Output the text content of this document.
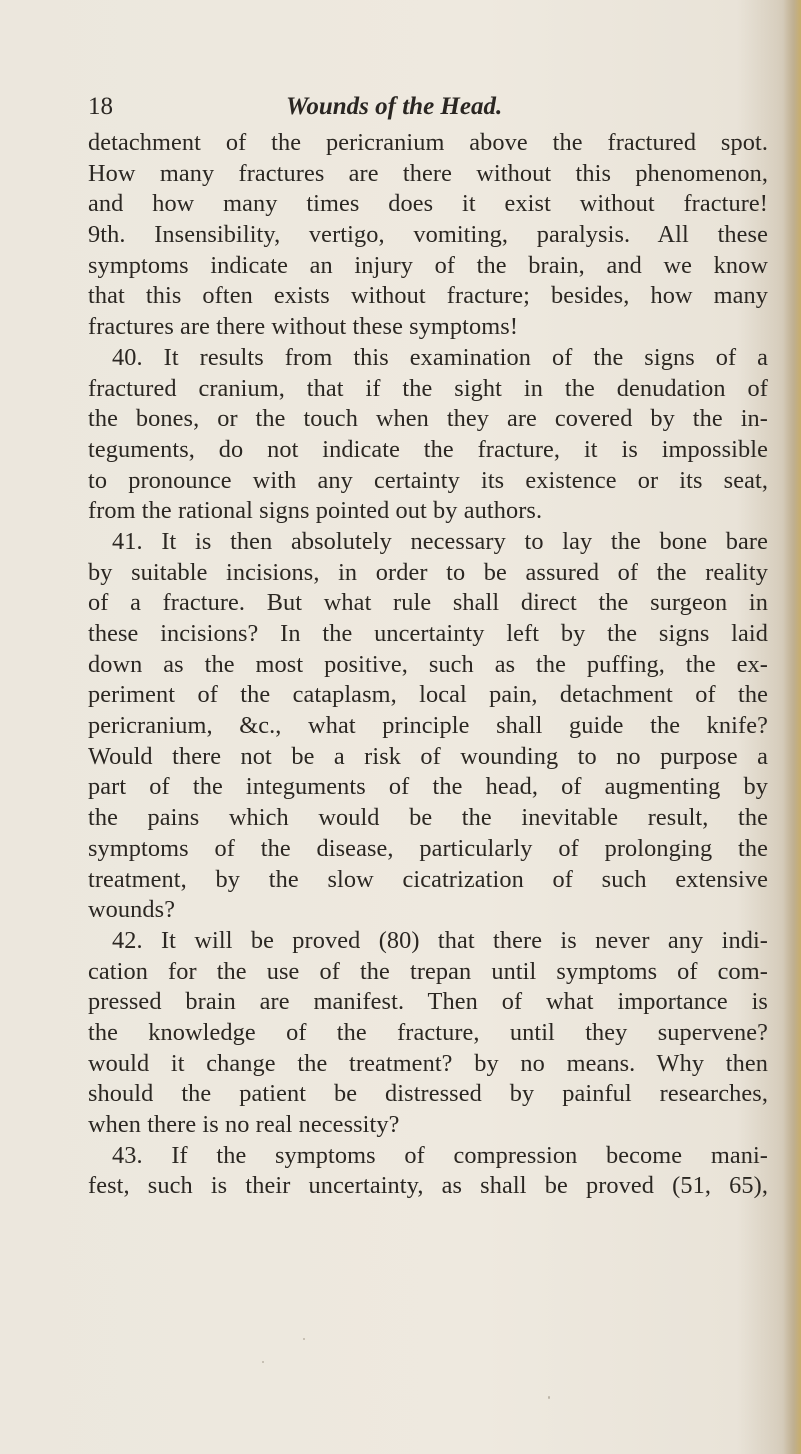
18	Wounds of the Head.
detachment of the pericranium above the fractured spot.
How many fractures are there without this phenomenon,
and how many times does it exist without fracture!
9th. Insensibility, vertigo, vomiting, paralysis. All these
symptoms indicate an injury of the brain, and we know
that this often exists without fracture; besides, how many
fractures are there without these symptoms!
40. It results from this examination of the signs of a
fractured cranium, that if the sight in the denudation of
the bones, or the touch when they are covered by the in-
teguments, do not indicate the fracture, it is impossible
to pronounce with any certainty its existence or its seat,
from the rational signs pointed out by authors.
41. It is then absolutely necessary to lay the bone bare
by suitable incisions, in order to be assured of the reality
of a fracture. But what rule shall direct the surgeon in
these incisions? In the uncertainty left by the signs laid
down as the most positive, such as the puffing, the ex-
periment of the cataplasm, local pain, detachment of the
pericranium, &c., what principle shall guide the knife?
Would there not be a risk of wounding to no purpose a
part of the integuments of the head, of augmenting by
the pains which would be the inevitable result, the
symptoms of the disease, particularly of prolonging the
treatment, by the slow cicatrization of such extensive
wounds?
42. It will be proved (80) that there is never any indi-
cation for the use of the trepan until symptoms of com-
pressed brain are manifest. Then of what importance is
the knowledge of the fracture, until they supervene?
would it change the treatment? by no means. Why then
should the patient be distressed by painful researches,
when there is no real necessity?
43. If the symptoms of compression become mani-
fest, such is their uncertainty, as shall be proved (51, 65),
